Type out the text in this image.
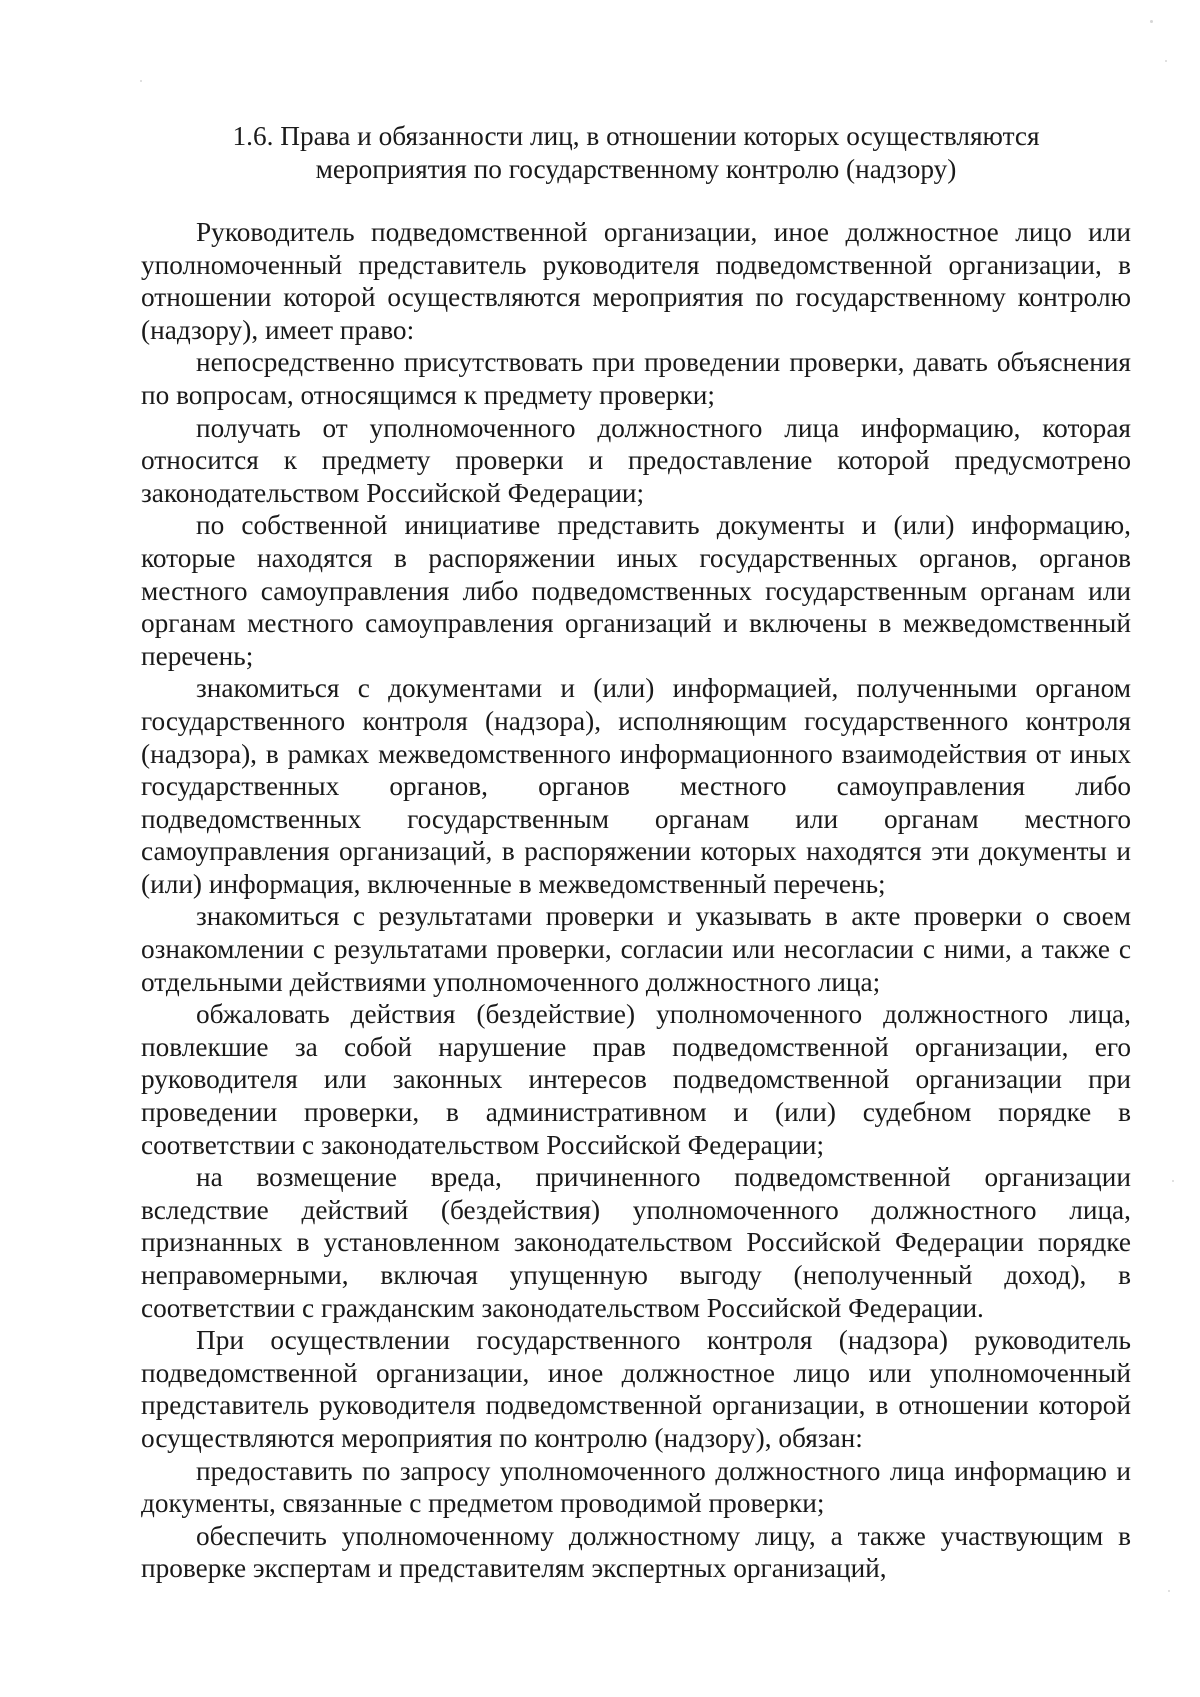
1.6. Права и обязанности лиц, в отношении которых осуществляются мероприятия по государственному контролю (надзору)

Руководитель подведомственной организации, иное должностное лицо или уполномоченный представитель руководителя подведомственной организации, в отношении которой осуществляются мероприятия по государственному контролю (надзору), имеет право:

непосредственно присутствовать при проведении проверки, давать объяснения по вопросам, относящимся к предмету проверки;

получать от уполномоченного должностного лица информацию, которая относится к предмету проверки и предоставление которой предусмотрено законодательством Российской Федерации;

по собственной инициативе представить документы и (или) информацию, которые находятся в распоряжении иных государственных органов, органов местного самоуправления либо подведомственных государственным органам или органам местного самоуправления организаций и включены в межведомственный перечень;

знакомиться с документами и (или) информацией, полученными органом государственного контроля (надзора), исполняющим государственного контроля (надзора), в рамках межведомственного информационного взаимодействия от иных государственных органов, органов местного самоуправления либо подведомственных государственным органам или органам местного самоуправления организаций, в распоряжении которых находятся эти документы и (или) информация, включенные в межведомственный перечень;

знакомиться с результатами проверки и указывать в акте проверки о своем ознакомлении с результатами проверки, согласии или несогласии с ними, а также с отдельными действиями уполномоченного должностного лица;

обжаловать действия (бездействие) уполномоченного должностного лица, повлекшие за собой нарушение прав подведомственной организации, его руководителя или законных интересов подведомственной организации при проведении проверки, в административном и (или) судебном порядке в соответствии с законодательством Российской Федерации;

на возмещение вреда, причиненного подведомственной организации вследствие действий (бездействия) уполномоченного должностного лица, признанных в установленном законодательством Российской Федерации порядке неправомерными, включая упущенную выгоду (неполученный доход), в соответствии с гражданским законодательством Российской Федерации.

При осуществлении государственного контроля (надзора) руководитель подведомственной организации, иное должностное лицо или уполномоченный представитель руководителя подведомственной организации, в отношении которой осуществляются мероприятия по контролю (надзору), обязан:

предоставить по запросу уполномоченного должностного лица информацию и документы, связанные с предметом проводимой проверки;

обеспечить уполномоченному должностному лицу, а также участвующим в проверке экспертам и представителям экспертных организаций,
